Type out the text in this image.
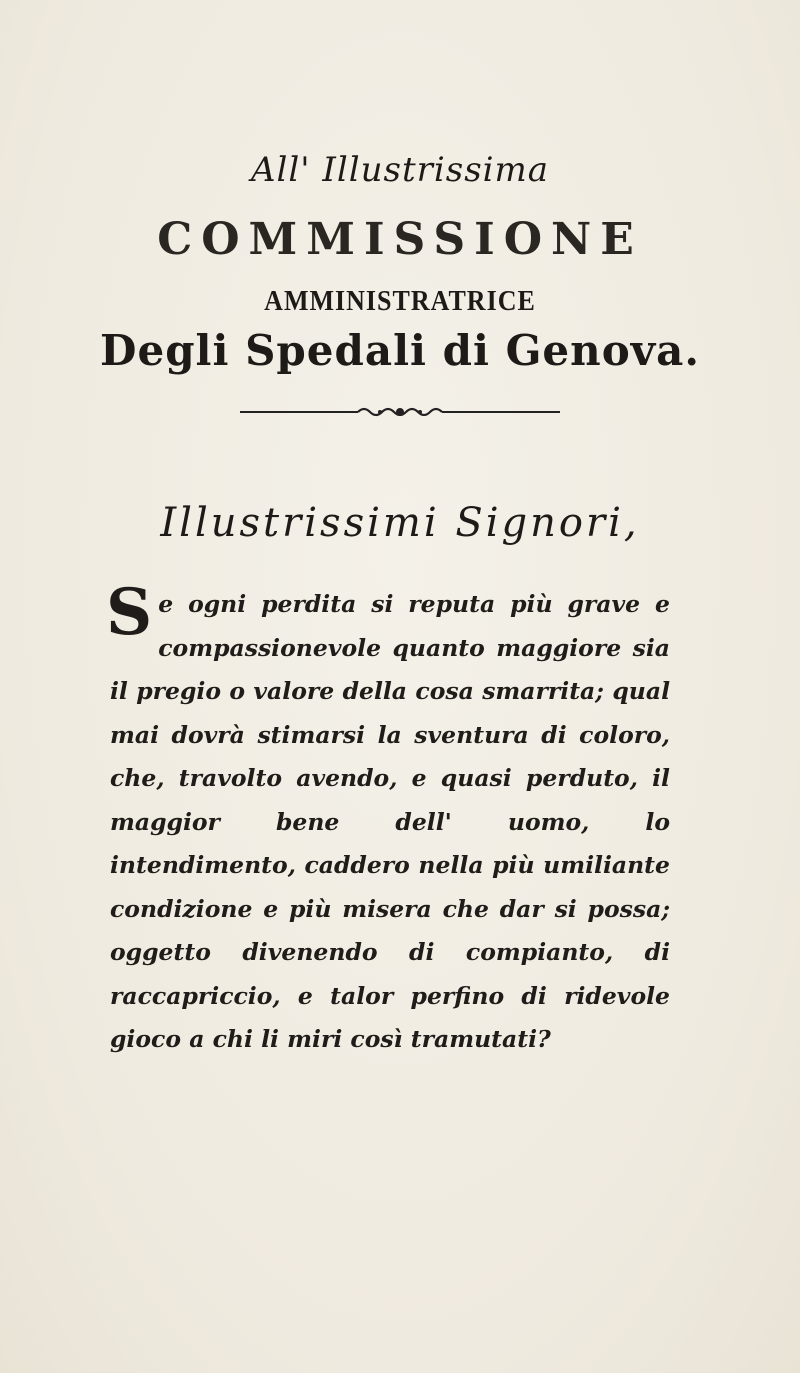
All' Illustrissima
COMMISSIONE
AMMINISTRATRICE
Degli Spedali di Genova.
Illustrissimi Signori,
Se ogni perdita si reputa più grave e compassionevole quanto maggiore sia il pregio o valore della cosa smarrita; qual mai dovrà stimarsi la sventura di coloro, che, travolto avendo, e quasi perduto, il maggior bene dell' uomo, lo intendimento, caddero nella più umiliante condizione e più misera che dar si possa; oggetto divenendo di compianto, di raccapriccio, e talor perfino di ridevole gioco a chi li miri così tramutati?
